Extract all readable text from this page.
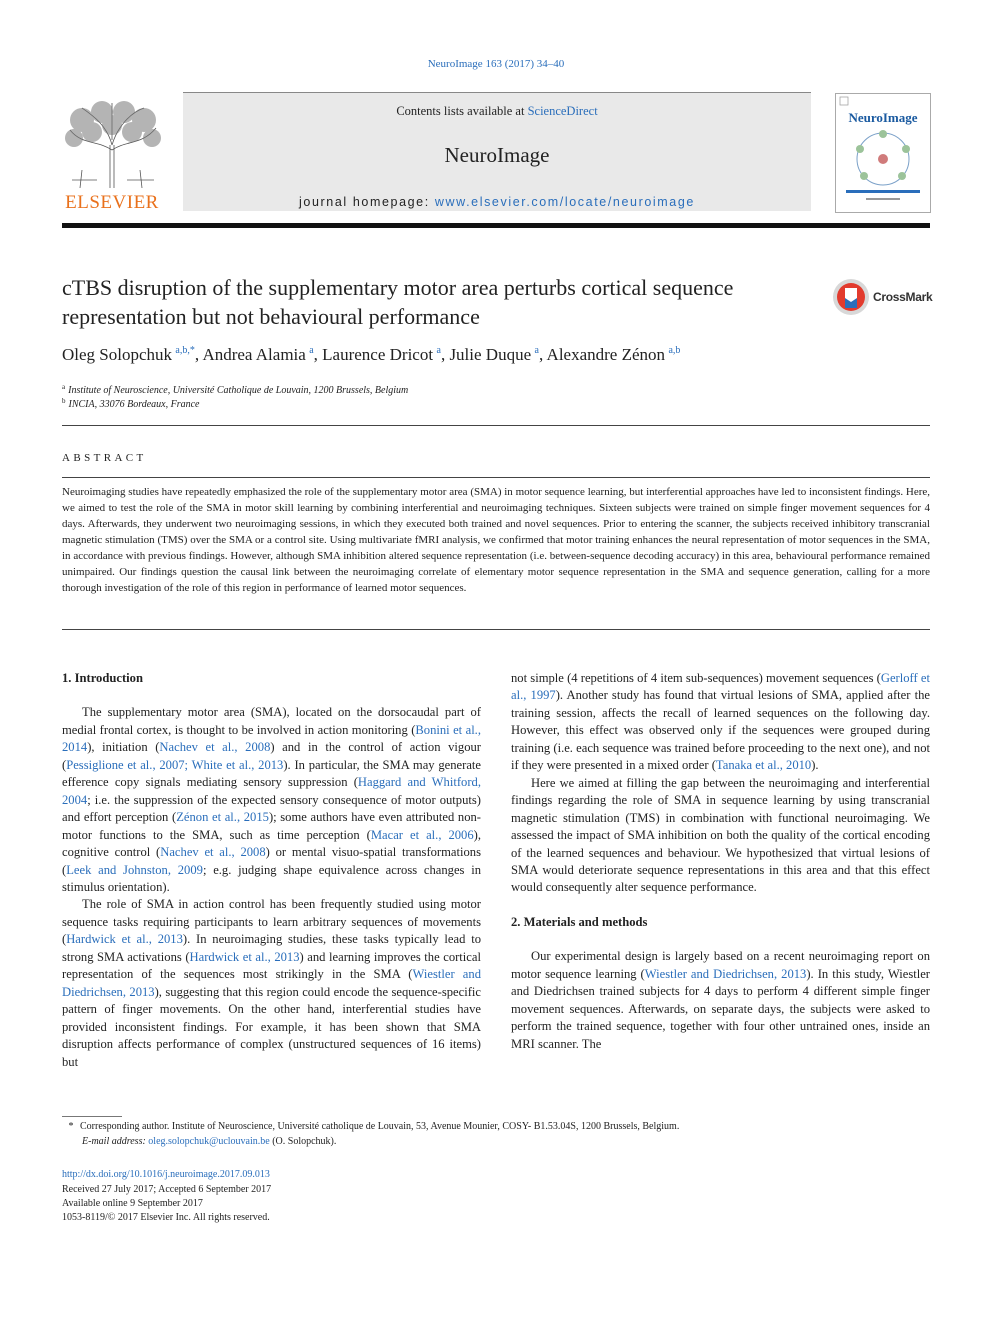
NeuroImage 163 (2017) 34–40
ELSEVIER
Contents lists available at ScienceDirect
NeuroImage
journal homepage: www.elsevier.com/locate/neuroimage
NeuroImage
cTBS disruption of the supplementary motor area perturbs cortical sequence representation but not behavioural performance
CrossMark
Oleg Solopchuk $^{a,b,*}$, Andrea Alamia $^a$, Laurence Dricot $^a$, Julie Duque $^a$, Alexandre Zénon $^{a,b}$
$^a$ Institute of Neuroscience, Université Catholique de Louvain, 1200 Brussels, Belgium
$^b$ INCIA, 33076 Bordeaux, France
ABSTRACT
Neuroimaging studies have repeatedly emphasized the role of the supplementary motor area (SMA) in motor sequence learning, but interferential approaches have led to inconsistent findings. Here, we aimed to test the role of the SMA in motor skill learning by combining interferential and neuroimaging techniques. Sixteen subjects were trained on simple finger movement sequences for 4 days. Afterwards, they underwent two neuroimaging sessions, in which they executed both trained and novel sequences. Prior to entering the scanner, the subjects received inhibitory transcranial magnetic stimulation (TMS) over the SMA or a control site. Using multivariate fMRI analysis, we confirmed that motor training enhances the neural representation of motor sequences in the SMA, in accordance with previous findings. However, although SMA inhibition altered sequence representation (i.e. between-sequence decoding accuracy) in this area, behavioural performance remained unimpaired. Our findings question the causal link between the neuroimaging correlate of elementary motor sequence representation in the SMA and sequence generation, calling for a more thorough investigation of the role of this region in performance of learned motor sequences.

1. Introduction

The supplementary motor area (SMA), located on the dorsocaudal part of medial frontal cortex, is thought to be involved in action monitoring (Bonini et al., 2014), initiation (Nachev et al., 2008) and in the control of action vigour (Pessiglione et al., 2007; White et al., 2013). In particular, the SMA may generate efference copy signals mediating sensory suppression (Haggard and Whitford, 2004; i.e. the suppression of the expected sensory consequence of motor outputs) and effort perception (Zénon et al., 2015); some authors have even attributed non-motor functions to the SMA, such as time perception (Macar et al., 2006), cognitive control (Nachev et al., 2008) or mental visuo-spatial transformations (Leek and Johnston, 2009; e.g. judging shape equivalence across changes in stimulus orientation).

The role of SMA in action control has been frequently studied using motor sequence tasks requiring participants to learn arbitrary sequences of movements (Hardwick et al., 2013). In neuroimaging studies, these tasks typically lead to strong SMA activations (Hardwick et al., 2013) and learning improves the cortical representation of the sequences most strikingly in the SMA (Wiestler and Diedrichsen, 2013), suggesting that this region could encode the sequence-specific pattern of finger movements. On the other hand, interferential studies have provided inconsistent findings. For example, it has been shown that SMA disruption affects performance of complex (unstructured sequences of 16 items) but

not simple (4 repetitions of 4 item sub-sequences) movement sequences (Gerloff et al., 1997). Another study has found that virtual lesions of SMA, applied after the training session, affects the recall of learned sequences on the following day. However, this effect was observed only if the sequences were grouped during training (i.e. each sequence was trained before proceeding to the next one), and not if they were presented in a mixed order (Tanaka et al., 2010).

Here we aimed at filling the gap between the neuroimaging and interferential findings regarding the role of SMA in sequence learning by using transcranial magnetic stimulation (TMS) in combination with functional neuroimaging. We assessed the impact of SMA inhibition on both the quality of the cortical encoding of the learned sequences and behaviour. We hypothesized that virtual lesions of SMA would deteriorate sequence representations in this area and that this effect would consequently alter sequence performance.

2. Materials and methods

Our experimental design is largely based on a recent neuroimaging report on motor sequence learning (Wiestler and Diedrichsen, 2013). In this study, Wiestler and Diedrichsen trained subjects for 4 days to perform 4 different simple finger movement sequences. Afterwards, on separate days, the subjects were asked to perform the trained sequence, together with four other untrained ones, inside an MRI scanner. The

* Corresponding author. Institute of Neuroscience, Université catholique de Louvain, 53, Avenue Mounier, COSY- B1.53.04S, 1200 Brussels, Belgium.
E-mail address: oleg.solopchuk@uclouvain.be (O. Solopchuk).
http://dx.doi.org/10.1016/j.neuroimage.2017.09.013
Received 27 July 2017; Accepted 6 September 2017
Available online 9 September 2017
1053-8119/© 2017 Elsevier Inc. All rights reserved.
